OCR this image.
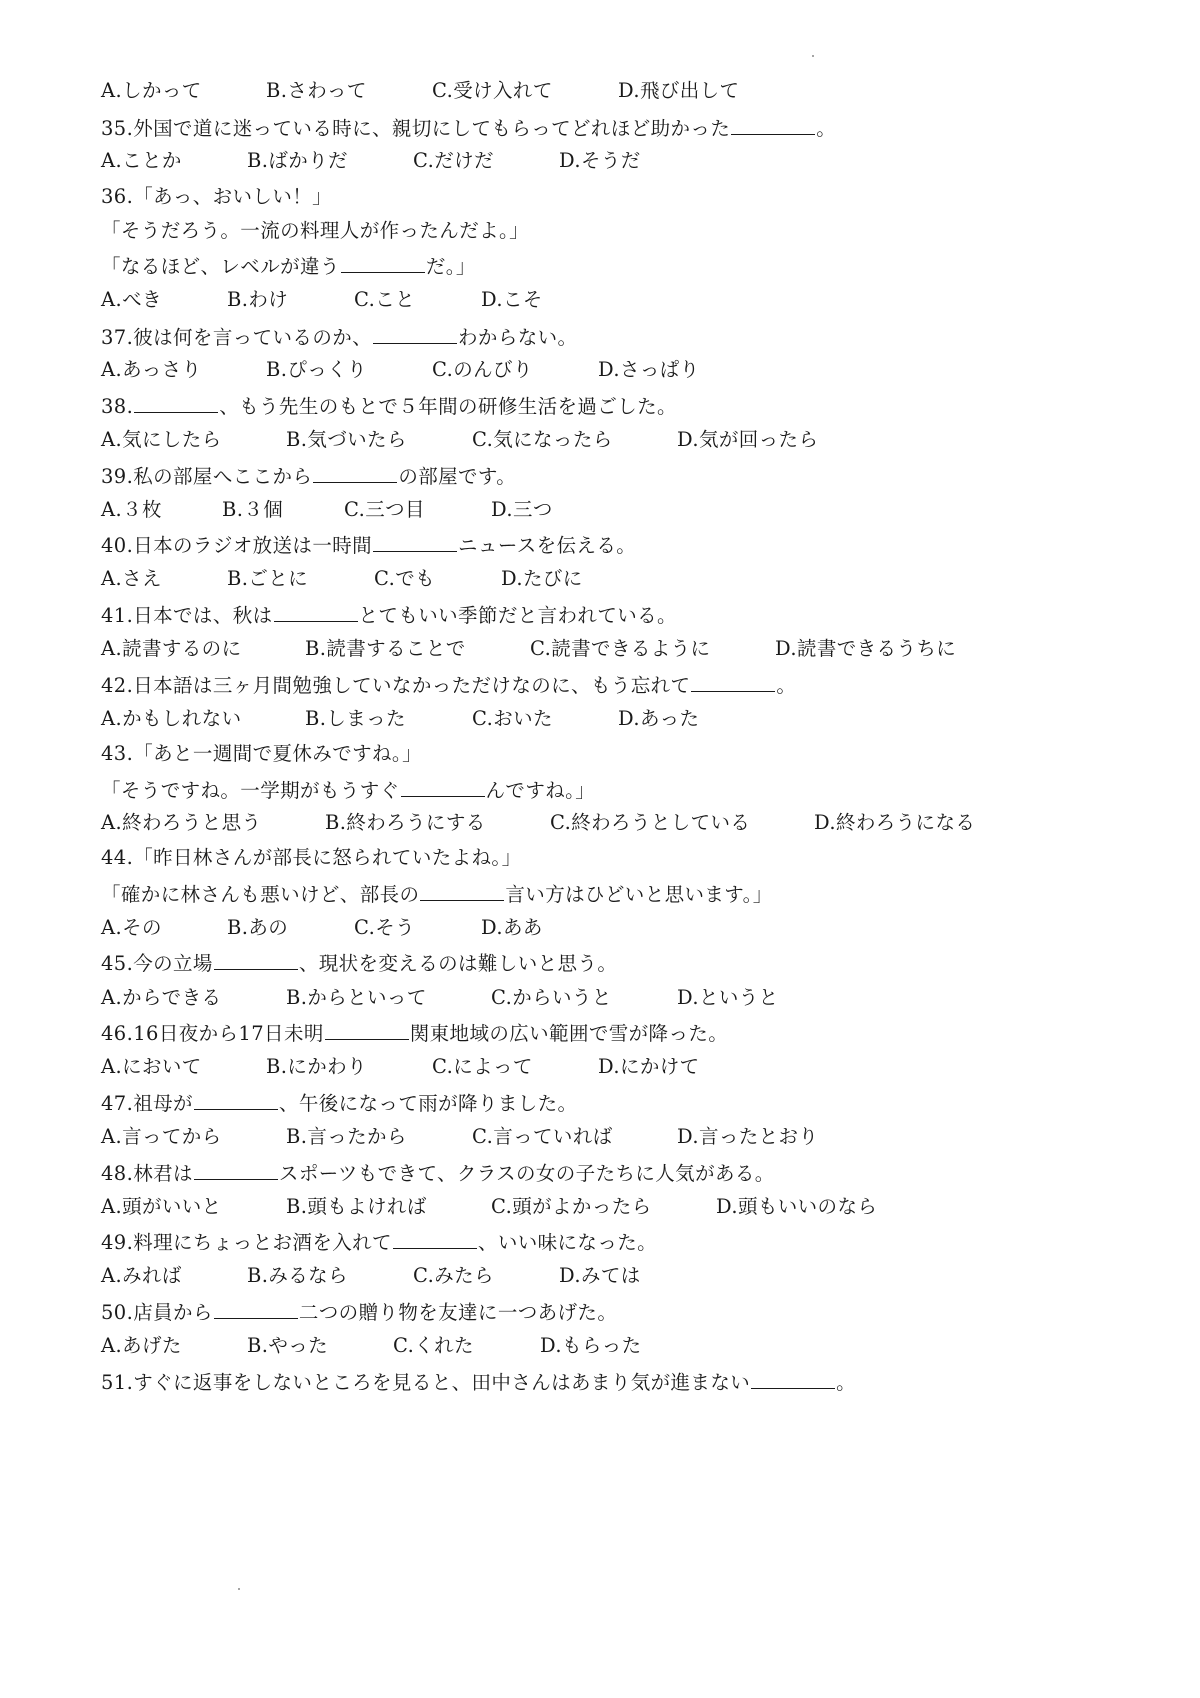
A.しかって	B.さわって	C.受け入れて	D.飛び出して
35.外国で道に迷っている時に、親切にしてもらってどれほど助かった	。
A.ことか	B.ばかりだ	C.だけだ	D.そうだ
36.「あっ、おいしい！」
「そうだろう。一流の料理人が作ったんだよ。」
「なるほど、レベルが違う	だ。」
A.べき	B.わけ	C.こと	D.こそ
37.彼は何を言っているのか、	わからない。
A.あっさり	B.ぴっくり	C.のんびり	D.さっぱり
38.	、もう先生のもとで５年間の研修生活を過ごした。
A.気にしたら	B.気づいたら	C.気になったら	D.気が回ったら
39.私の部屋へここから	の部屋です。
A.３枚	B.３個	C.三つ目	D.三つ
40.日本のラジオ放送は一時間	ニュースを伝える。
A.さえ	B.ごとに	C.でも	D.たびに
41.日本では、秋は	とてもいい季節だと言われている。
A.読書するのに	B.読書することで	C.読書できるように	D.読書できるうちに
42.日本語は三ヶ月間勉強していなかっただけなのに、もう忘れて	。
A.かもしれない	B.しまった	C.おいた	D.あった
43.「あと一週間で夏休みですね。」
「そうですね。一学期がもうすぐ	んですね。」
A.終わろうと思う	B.終わろうにする	C.終わろうとしている	D.終わろうになる
44.「昨日林さんが部長に怒られていたよね。」
「確かに林さんも悪いけど、部長の	言い方はひどいと思います。」
A.その	B.あの	C.そう	D.ああ
45.今の立場	、現状を変えるのは難しいと思う。
A.からできる	B.からといって	C.からいうと	D.というと
46.16日夜から17日未明	関東地域の広い範囲で雪が降った。
A.において	B.にかわり	C.によって	D.にかけて
47.祖母が	、午後になって雨が降りました。
A.言ってから	B.言ったから	C.言っていれば	D.言ったとおり
48.林君は	スポーツもできて、クラスの女の子たちに人気がある。
A.頭がいいと	B.頭もよければ	C.頭がよかったら	D.頭もいいのなら
49.料理にちょっとお酒を入れて	、いい味になった。
A.みれば	B.みるなら	C.みたら	D.みては
50.店員から	二つの贈り物を友達に一つあげた。
A.あげた	B.やった	C.くれた	D.もらった
51.すぐに返事をしないところを見ると、田中さんはあまり気が進まない	。
